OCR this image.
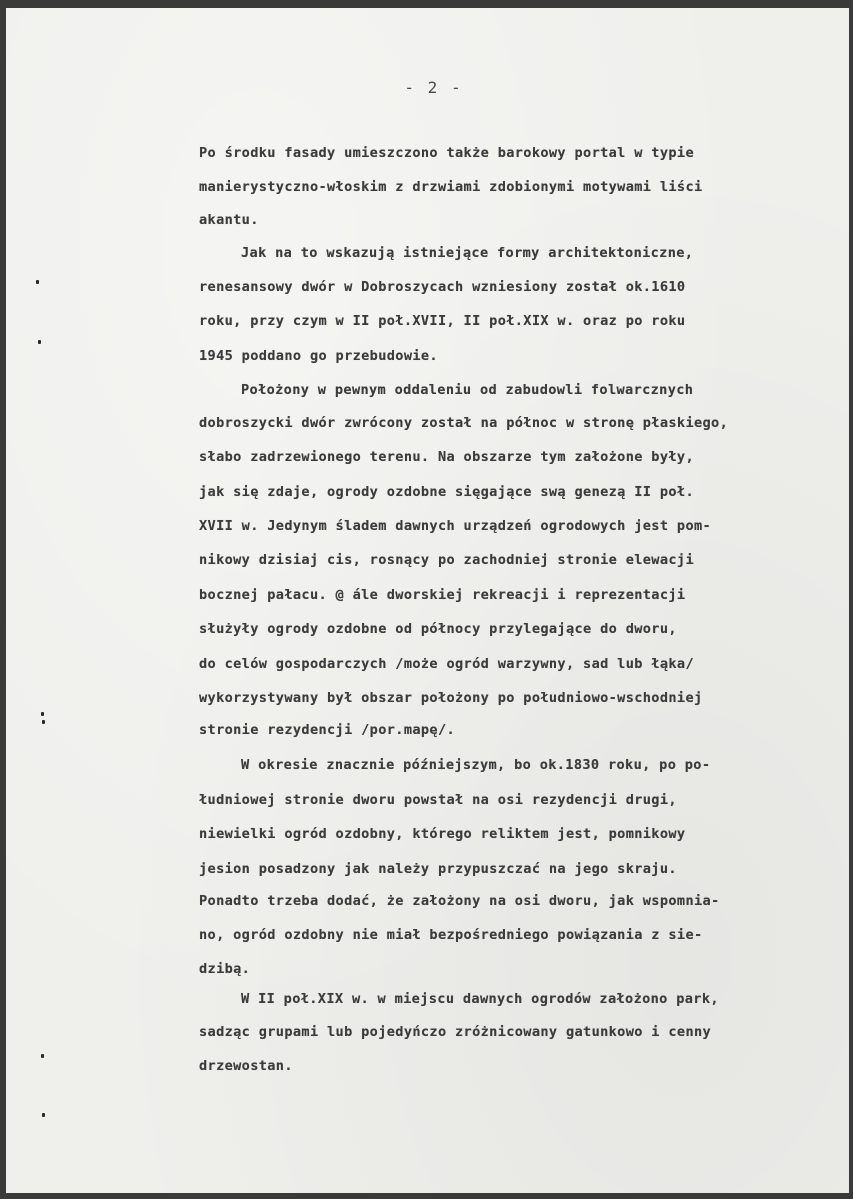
- 2 -
Po środku fasady umieszczono także barokowy portal w typie
manierystyczno-włoskim z drzwiami zdobionymi motywami liści
akantu.
Jak na to wskazują istniejące formy architektoniczne,
renesansowy dwór w Dobroszycach wzniesiony został ok.1610
roku, przy czym w II poł.XVII, II poł.XIX w. oraz po roku
1945 poddano go przebudowie.
Położony w pewnym oddaleniu od zabudowli folwarcznych
dobroszycki dwór zwrócony został na północ w stronę płaskiego,
słabo zadrzewionego terenu. Na obszarze tym założone były,
jak się zdaje, ogrody ozdobne sięgające swą genezą II poł.
XVII w. Jedynym śladem dawnych urządzeń ogrodowych jest pom-
nikowy dzisiaj cis, rosnący po zachodniej stronie elewacji
bocznej pałacu. @ ále dworskiej rekreacji i reprezentacji
służyły ogrody ozdobne od północy przylegające do dworu,
do celów gospodarczych /może ogród warzywny, sad lub łąka/
wykorzystywany był obszar położony po południowo-wschodniej
stronie rezydencji /por.mapę/.
W okresie znacznie późniejszym, bo ok.1830 roku, po po-
łudniowej stronie dworu powstał na osi rezydencji drugi,
niewielki ogród ozdobny, którego reliktem jest, pomnikowy
jesion posadzony jak należy przypuszczać na jego skraju.
Ponadto trzeba dodać, że założony na osi dworu, jak wspomnia-
no, ogród ozdobny nie miał bezpośredniego powiązania z sie-
dzibą.
W II poł.XIX w. w miejscu dawnych ogrodów założono park,
sadząc grupami lub pojedyńczo zróżnicowany gatunkowo i cenny
drzewostan.
